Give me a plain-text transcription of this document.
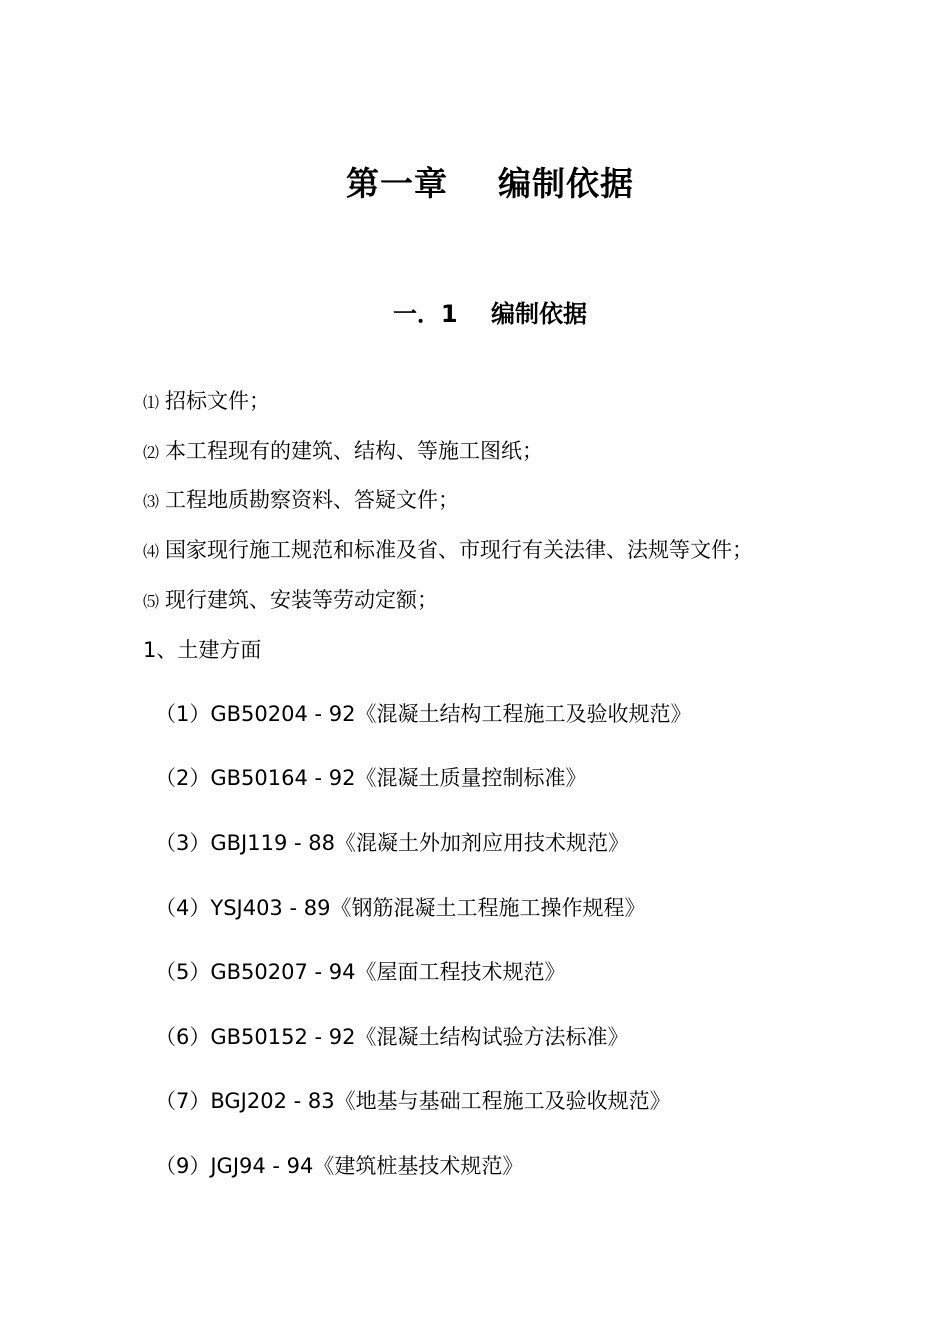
第一章    编制依据
一．1    编制依据
⑴ 招标文件；
⑵ 本工程现有的建筑、结构、等施工图纸；
⑶ 工程地质勘察资料、答疑文件；
⑷ 国家现行施工规范和标准及省、市现行有关法律、法规等文件；
⑸ 现行建筑、安装等劳动定额；
1、土建方面
（1）GB50204 - 92《混凝土结构工程施工及验收规范》
（2）GB50164 - 92《混凝土质量控制标准》
（3）GBJ119 - 88《混凝土外加剂应用技术规范》
（4）YSJ403 - 89《钢筋混凝土工程施工操作规程》
（5）GB50207 - 94《屋面工程技术规范》
（6）GB50152 - 92《混凝土结构试验方法标准》
（7）BGJ202 - 83《地基与基础工程施工及验收规范》
（9）JGJ94 - 94《建筑桩基技术规范》
